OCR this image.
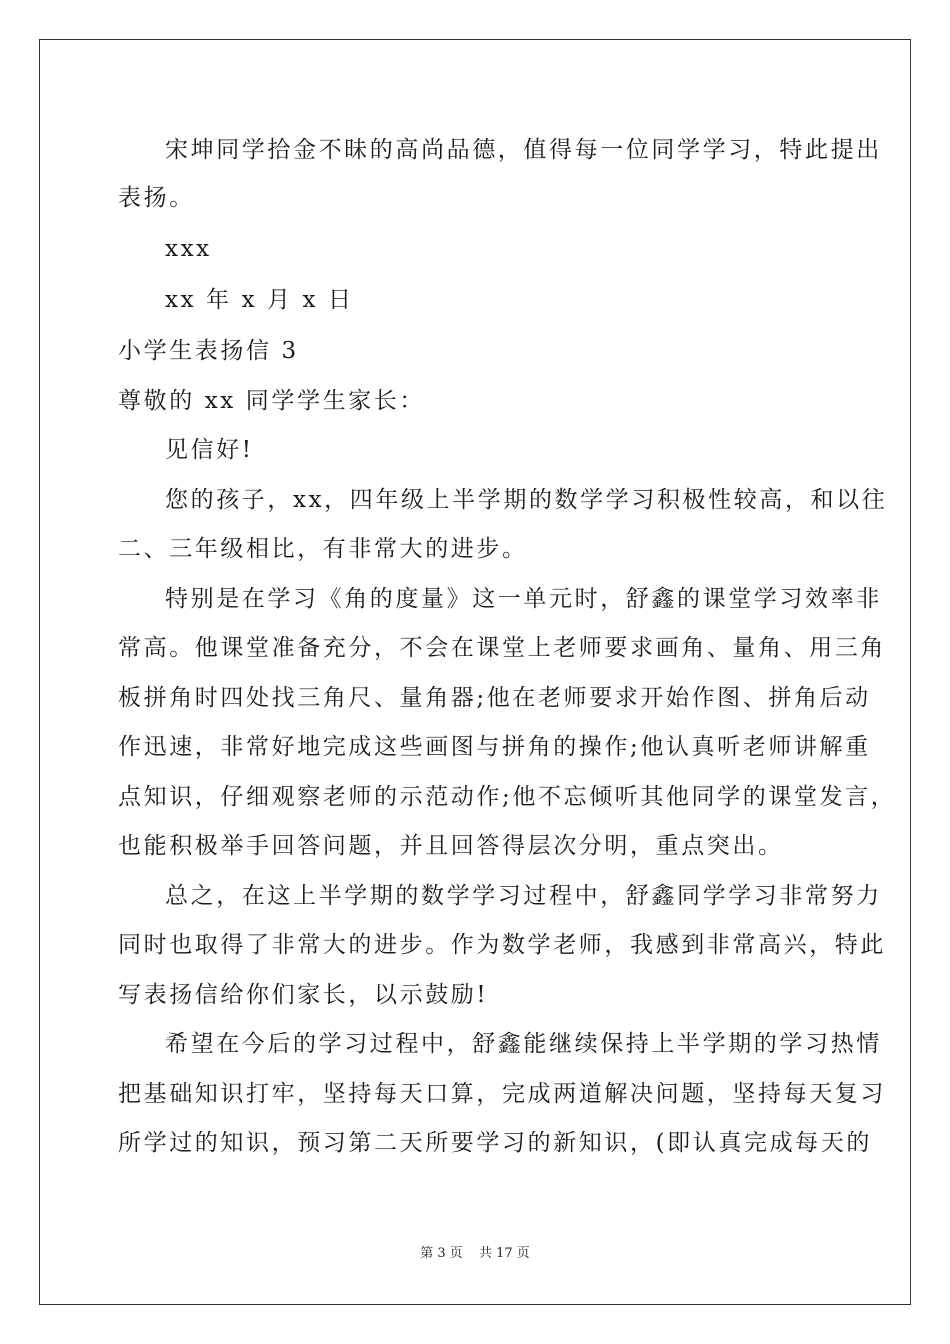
宋坤同学拾金不昧的高尚品德，值得每一位同学学习，特此提出
表扬。
xxx
xx 年 x 月 x 日
小学生表扬信 3
尊敬的 xx 同学学生家长：
见信好!
您的孩子，xx，四年级上半学期的数学学习积极性较高，和以往
二、三年级相比，有非常大的进步。
特别是在学习《角的度量》这一单元时，舒鑫的课堂学习效率非
常高。他课堂准备充分，不会在课堂上老师要求画角、量角、用三角
板拼角时四处找三角尺、量角器;他在老师要求开始作图、拼角后动
作迅速，非常好地完成这些画图与拼角的操作;他认真听老师讲解重
点知识，仔细观察老师的示范动作;他不忘倾听其他同学的课堂发言，
也能积极举手回答问题，并且回答得层次分明，重点突出。
总之，在这上半学期的数学学习过程中，舒鑫同学学习非常努力
同时也取得了非常大的进步。作为数学老师，我感到非常高兴，特此
写表扬信给你们家长，以示鼓励!
希望在今后的学习过程中，舒鑫能继续保持上半学期的学习热情
把基础知识打牢，坚持每天口算，完成两道解决问题，坚持每天复习
所学过的知识，预习第二天所要学习的新知识，(即认真完成每天的
第 3 页 共 17 页
